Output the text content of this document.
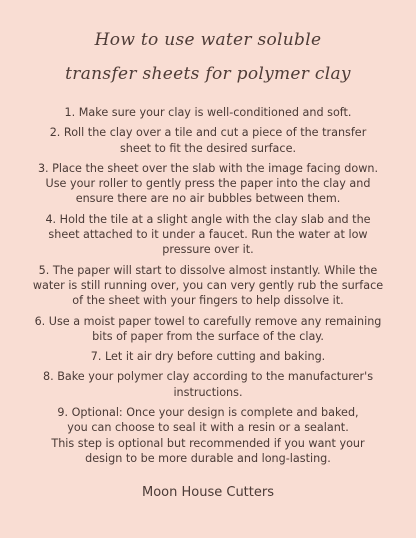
How to use water soluble
transfer sheets for polymer clay
1. Make sure your clay is well-conditioned and soft.
2. Roll the clay over a tile and cut a piece of the transfer
sheet to fit the desired surface.
3. Place the sheet over the slab with the image facing down.
Use your roller to gently press the paper into the clay and
ensure there are no air bubbles between them.
4. Hold the tile at a slight angle with the clay slab and the
sheet attached to it under a faucet. Run the water at low
pressure over it.
5. The paper will start to dissolve almost instantly. While the
water is still running over, you can very gently rub the surface
of the sheet with your fingers to help dissolve it.
6. Use a moist paper towel to carefully remove any remaining
bits of paper from the surface of the clay.
7. Let it air dry before cutting and baking.
8. Bake your polymer clay according to the manufacturer's
instructions.
9. Optional: Once your design is complete and baked,
you can choose to seal it with a resin or a sealant.
This step is optional but recommended if you want your
design to be more durable and long-lasting.
Moon House Cutters
